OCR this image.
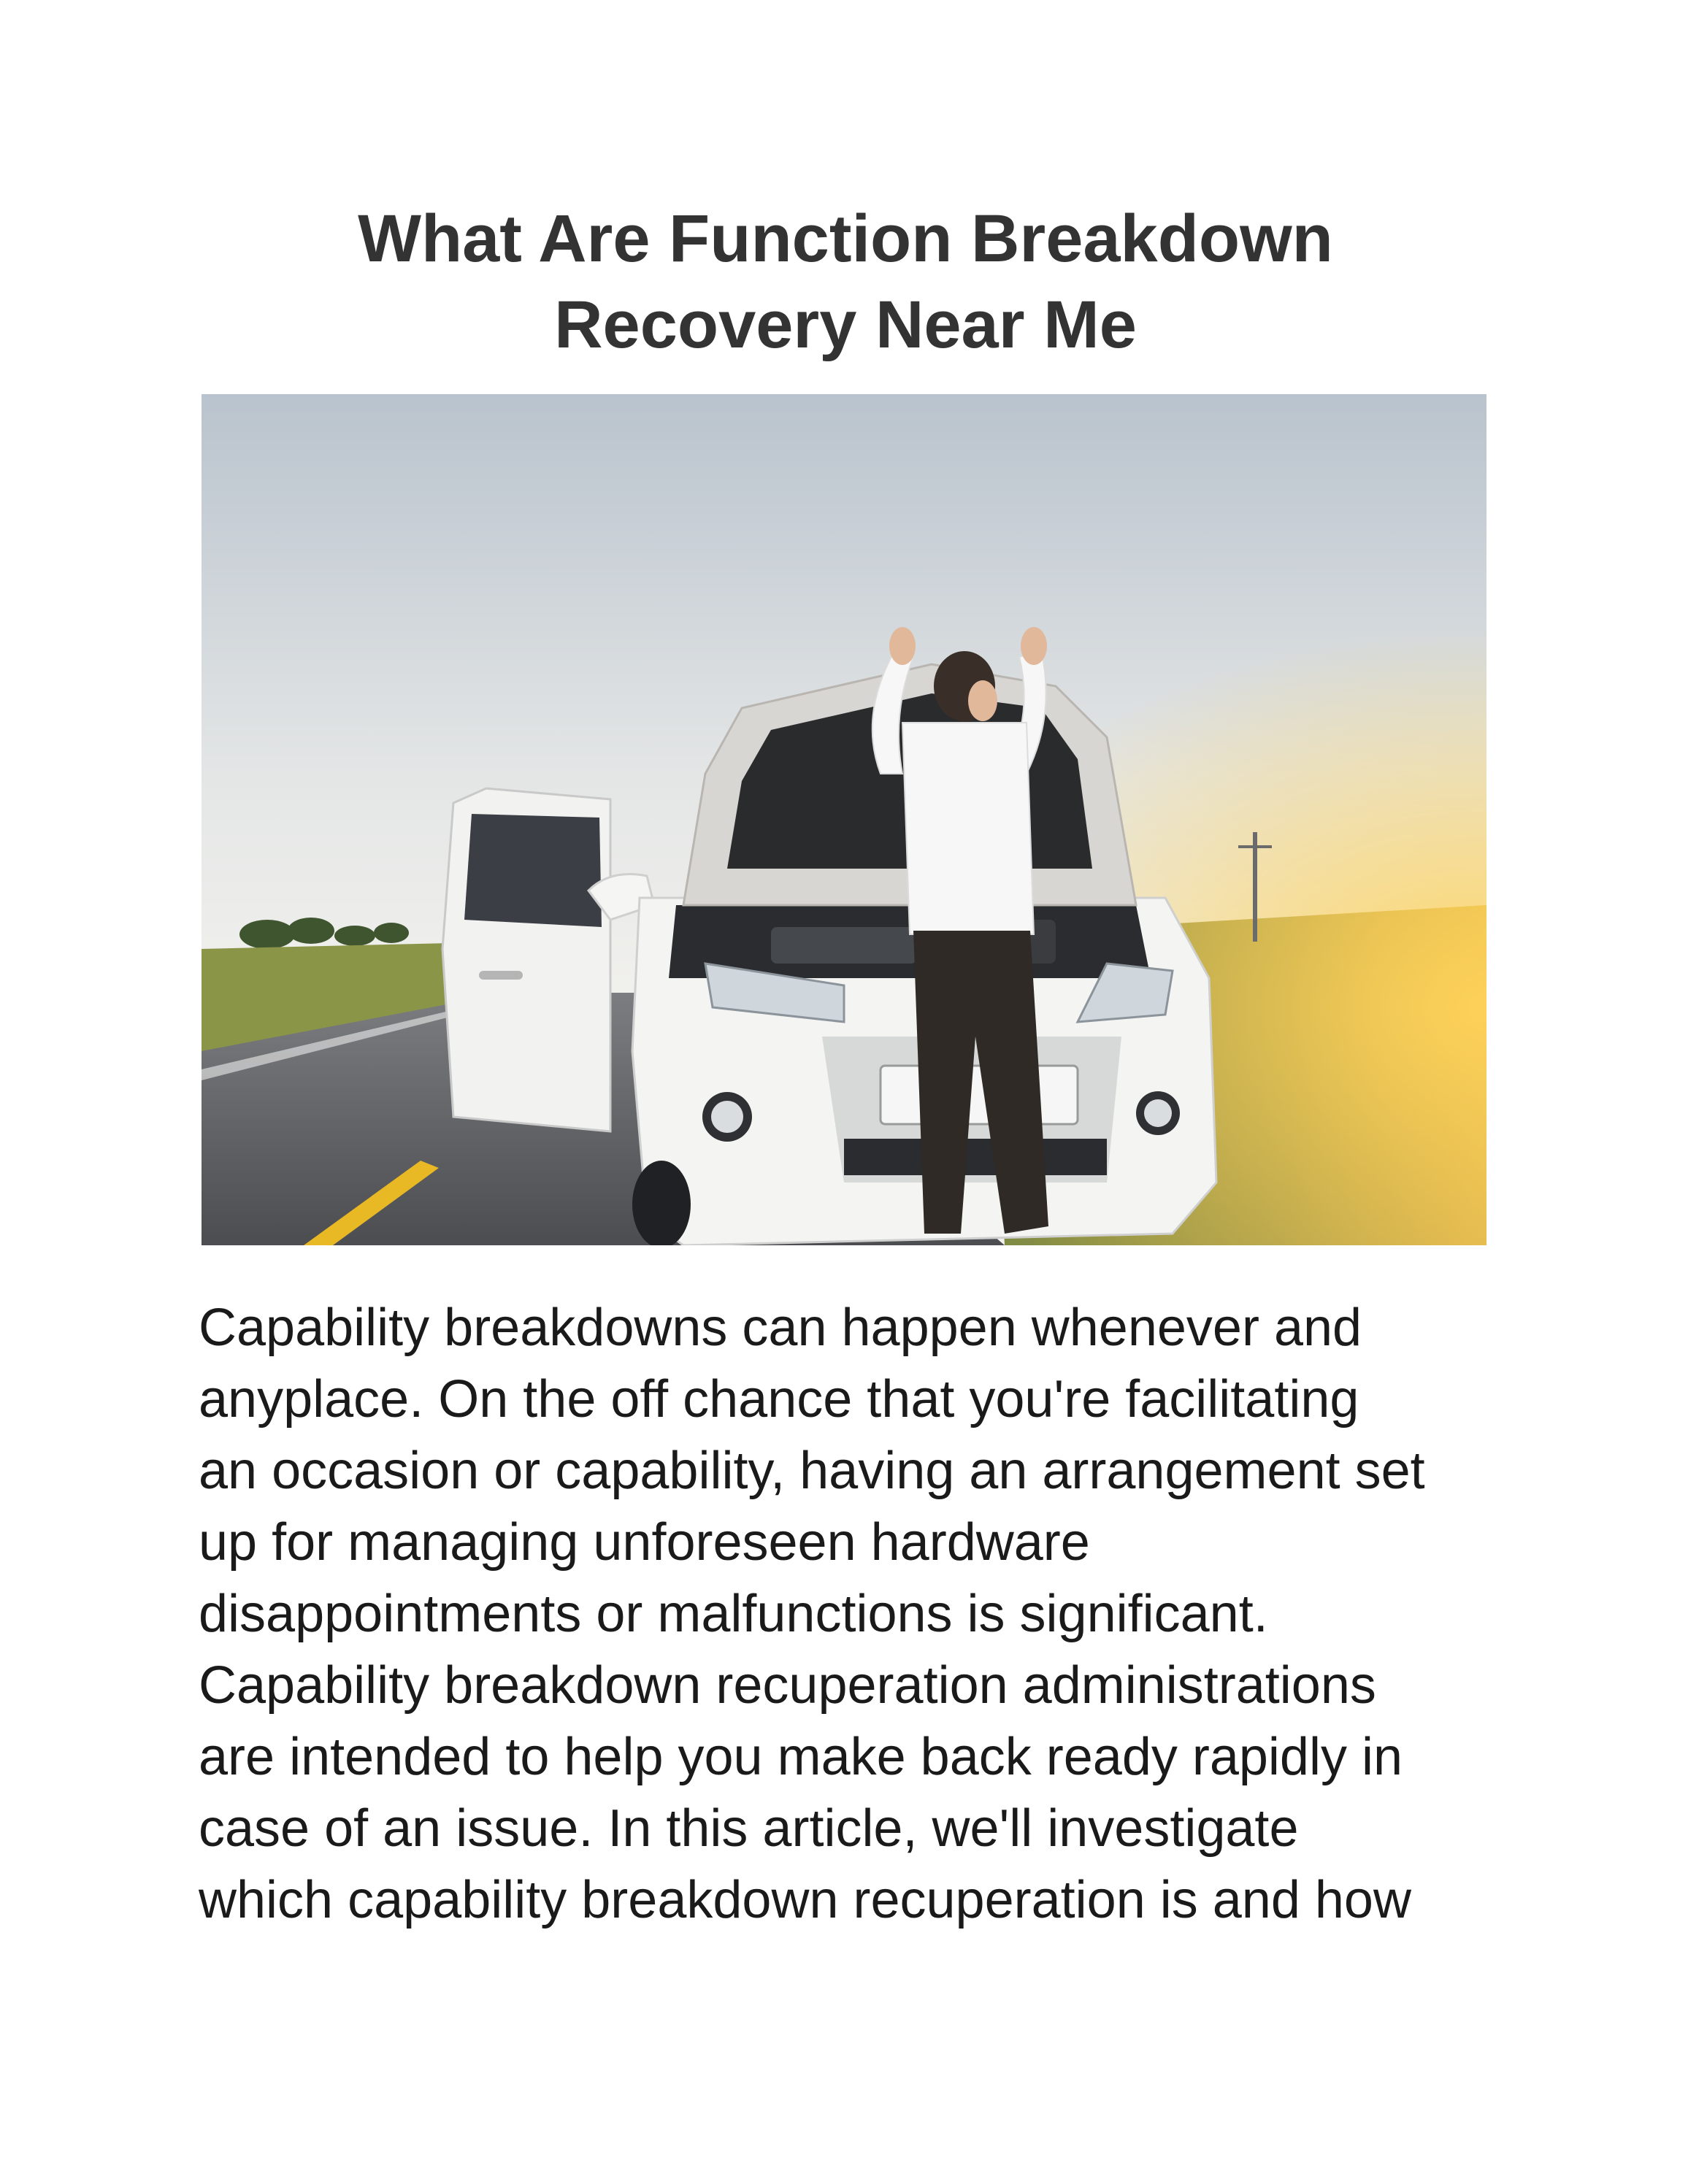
What Are Function Breakdown
Recovery Near Me

Capability breakdowns can happen whenever and
anyplace. On the off chance that you're facilitating
an occasion or capability, having an arrangement set
up for managing unforeseen hardware
disappointments or malfunctions is significant.
Capability breakdown recuperation administrations
are intended to help you make back ready rapidly in
case of an issue. In this article, we'll investigate
which capability breakdown recuperation is and how
